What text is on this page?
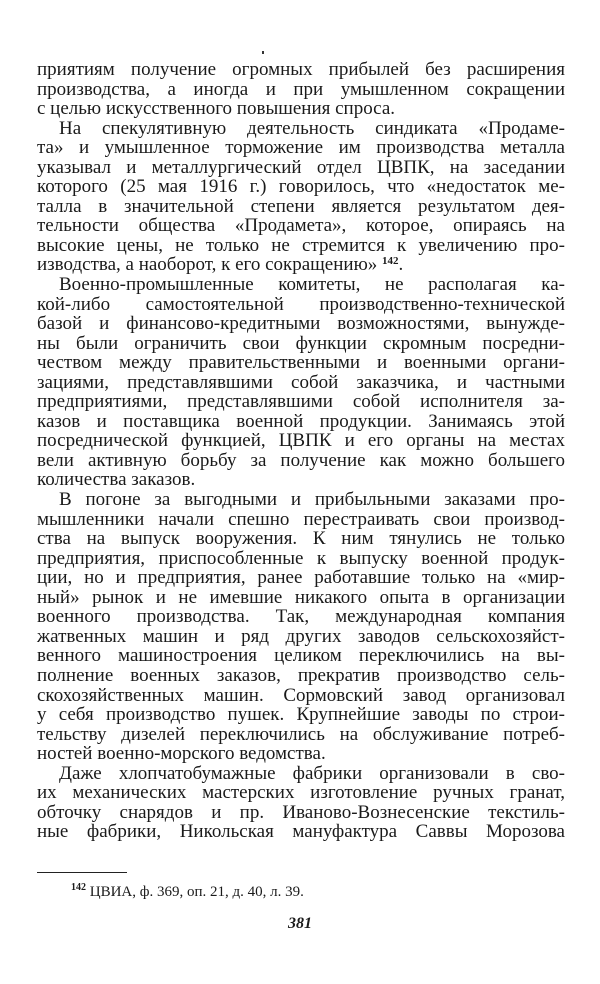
приятиям получение огромных прибылей без расширения
производства, а иногда и при умышленном сокращении
с целью искусственного повышения спроса.
На спекулятивную деятельность синдиката «Продаме-
та» и умышленное торможение им производства металла
указывал и металлургический отдел ЦВПК, на заседании
которого (25 мая 1916 г.) говорилось, что «недостаток ме-
талла в значительной степени является результатом дея-
тельности общества «Продамета», которое, опираясь на
высокие цены, не только не стремится к увеличению про-
изводства, а наоборот, к его сокращению» $^{142}$.
Военно-промышленные комитеты, не располагая ка-
кой-либо самостоятельной производственно-технической
базой и финансово-кредитными возможностями, вынужде-
ны были ограничить свои функции скромным посредни-
чеством между правительственными и военными органи-
зациями, представлявшими собой заказчика, и частными
предприятиями, представлявшими собой исполнителя за-
казов и поставщика военной продукции. Занимаясь этой
посреднической функцией, ЦВПК и его органы на местах
вели активную борьбу за получение как можно большего
количества заказов.
В погоне за выгодными и прибыльными заказами про-
мышленники начали спешно перестраивать свои производ-
ства на выпуск вооружения. К ним тянулись не только
предприятия, приспособленные к выпуску военной продук-
ции, но и предприятия, ранее работавшие только на «мир-
ный» рынок и не имевшие никакого опыта в организации
военного производства. Так, международная компания
жатвенных машин и ряд других заводов сельскохозяйст-
венного машиностроения целиком переключились на вы-
полнение военных заказов, прекратив производство сель-
скохозяйственных машин. Сормовский завод организовал
у себя производство пушек. Крупнейшие заводы по строи-
тельству дизелей переключились на обслуживание потреб-
ностей военно-морского ведомства.
Даже хлопчатобумажные фабрики организовали в сво-
их механических мастерских изготовление ручных гранат,
обточку снарядов и пр. Иваново-Вознесенские текстиль-
ные фабрики, Никольская мануфактура Саввы Морозова
$^{142}$ ЦВИА, ф. 369, оп. 21, д. 40, л. 39.
381
